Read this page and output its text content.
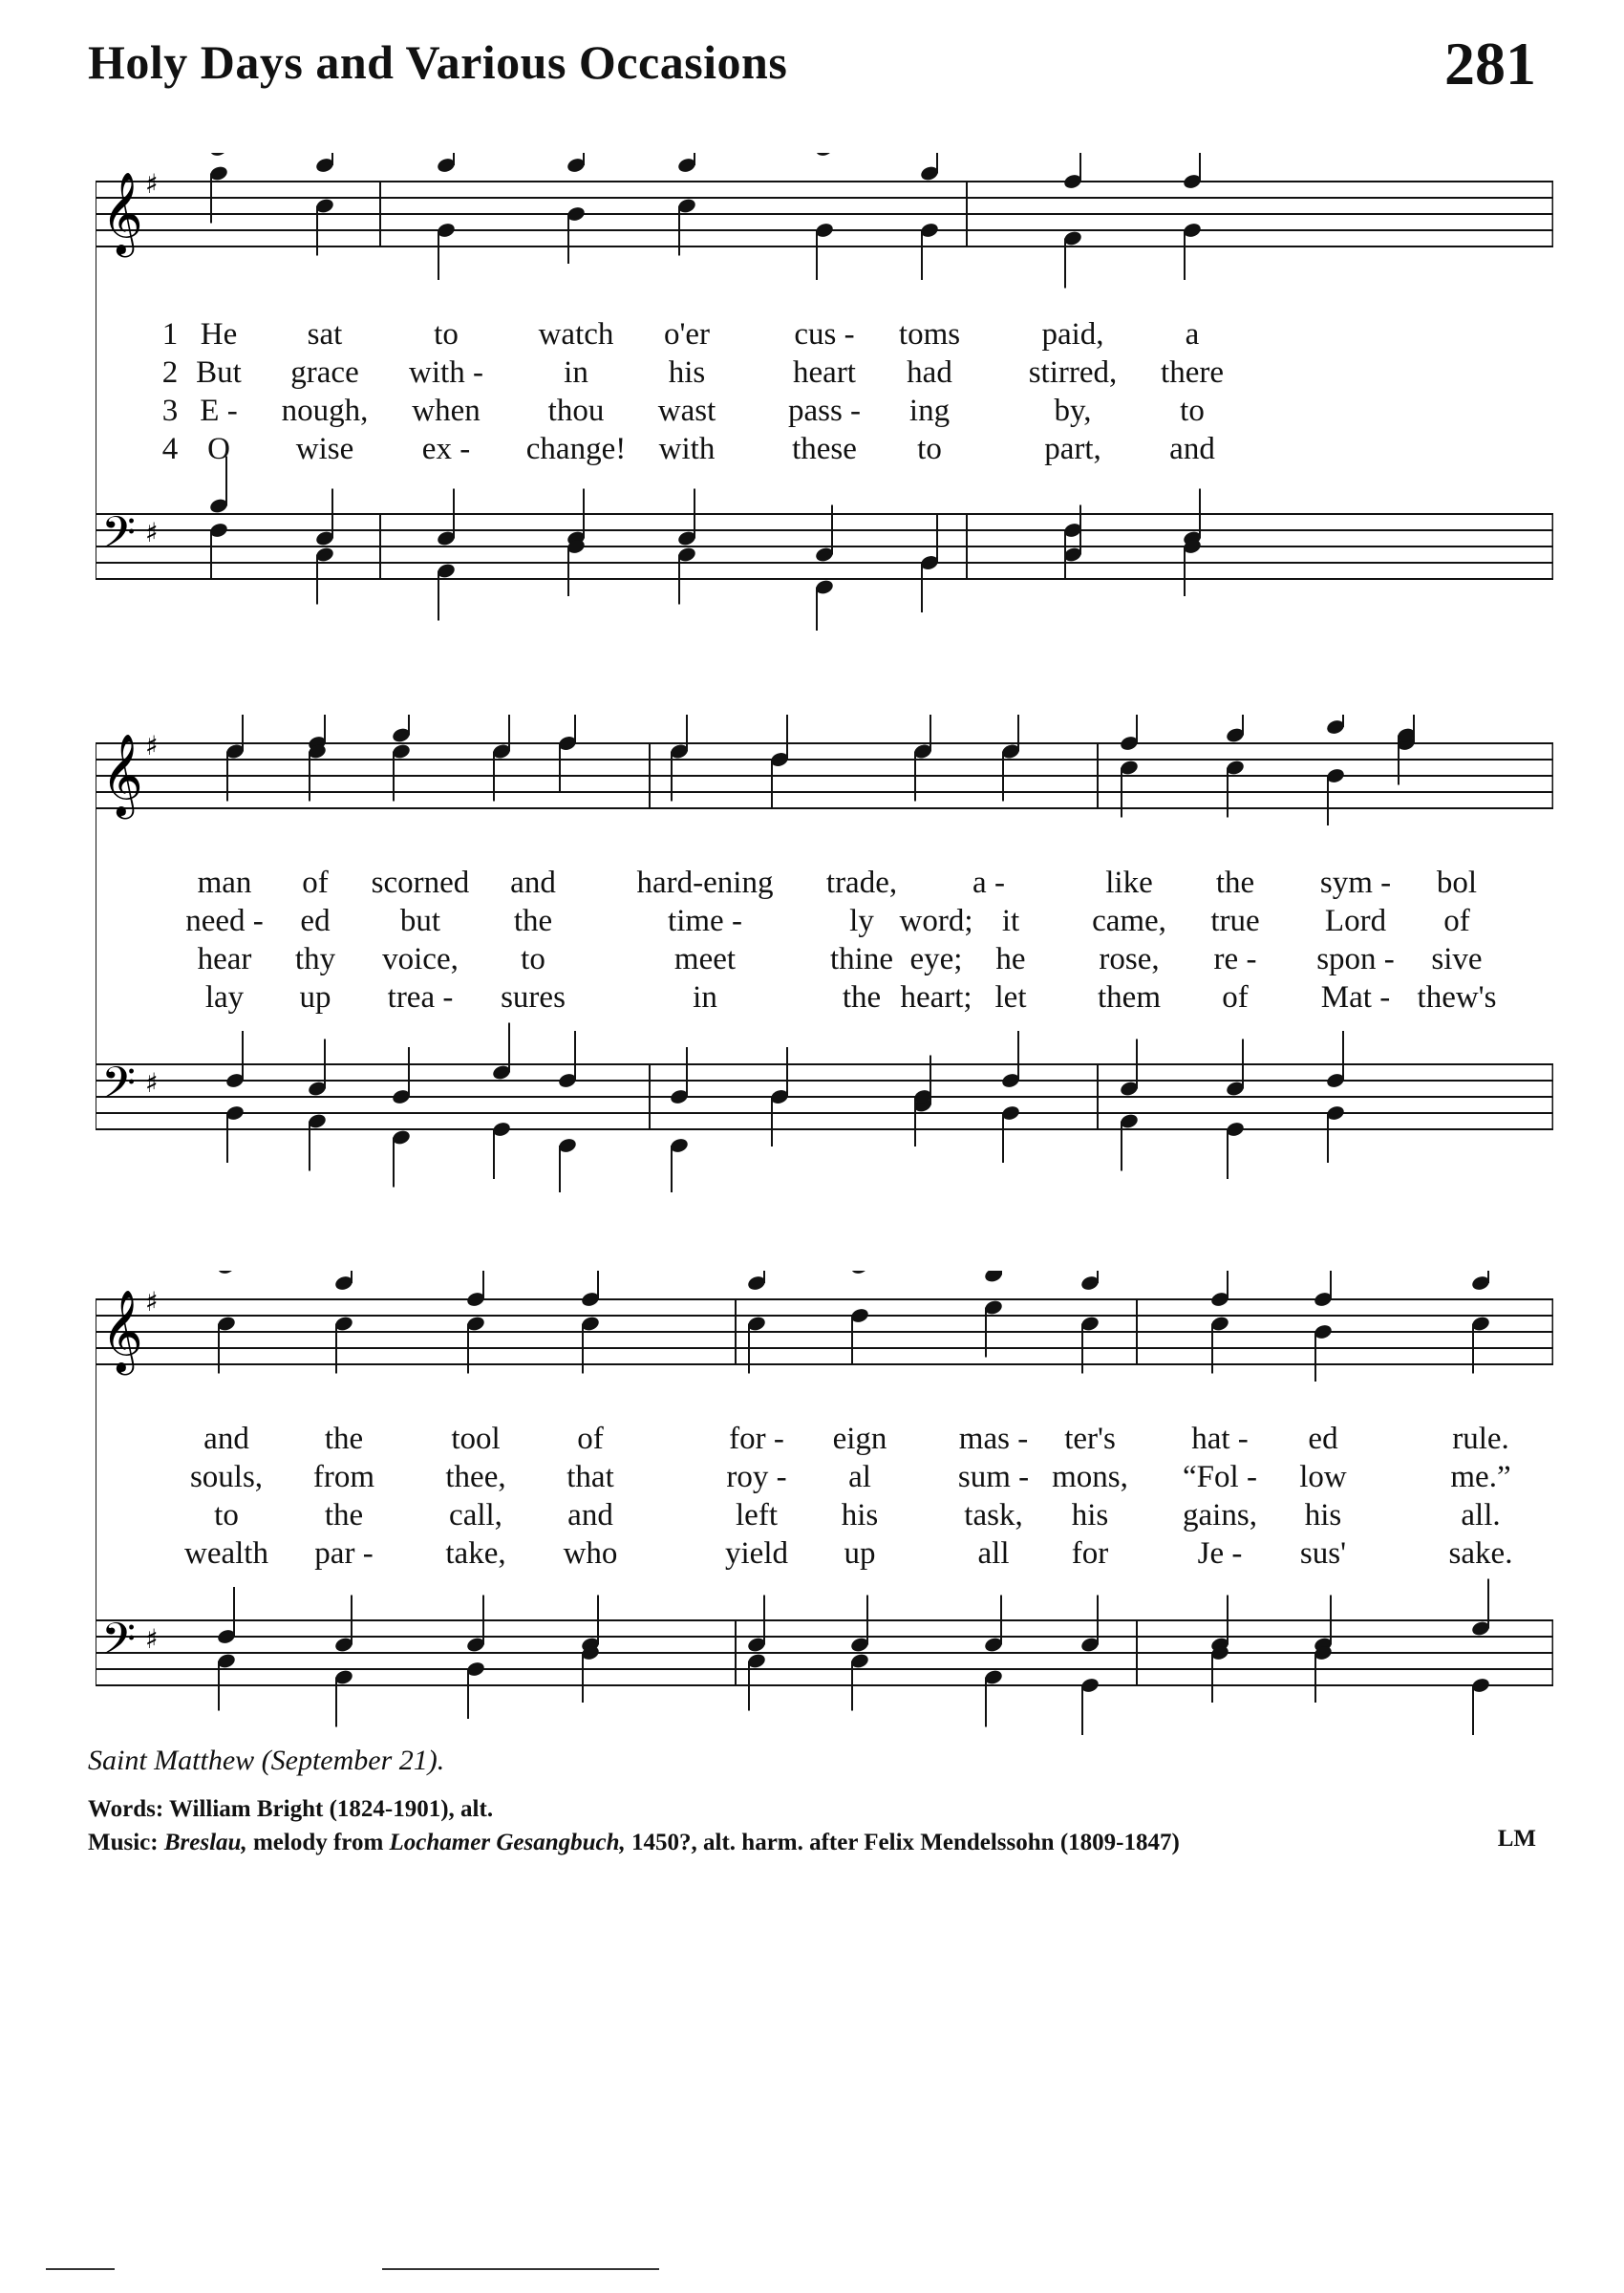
Holy Days and Various Occasions	281
𝄞 ♯
𝄢 ♯
1 He sat	to	watch o'er	cus - toms	paid,	a
2 But grace with -	in	his	heart had stirred, there
3 E - nough, when thou wast pass - ing	by,	to
4 O wise ex - change! with these to	part, and
𝄞 ♯
𝄢 ♯
man of scorned and	hard-ening trade, a -	like the sym - bol
need - ed but the	time -	ly word; it came, true Lord of
hear thy voice, to	meet	thine eye; he rose, re - spon - sive
lay up trea - sures	in	the heart; let them of Mat - thew's
𝄞 ♯
𝄢 ♯
and the	tool of	for - eign mas - ter's hat - ed	rule.
souls, from thee, that	roy - al	sum - mons, “Fol - low	me.”
to	the	call, and	left his	task, his gains, his	all.
wealth par - take, who	yield up	all for	Je - sus'	sake.
Saint Matthew (September 21).
Words: William Bright (1824-1901), alt.
Music: Breslau, melody from Lochamer Gesangbuch, 1450?, alt. harm. after Felix Mendelssohn (1809-1847)	LM
